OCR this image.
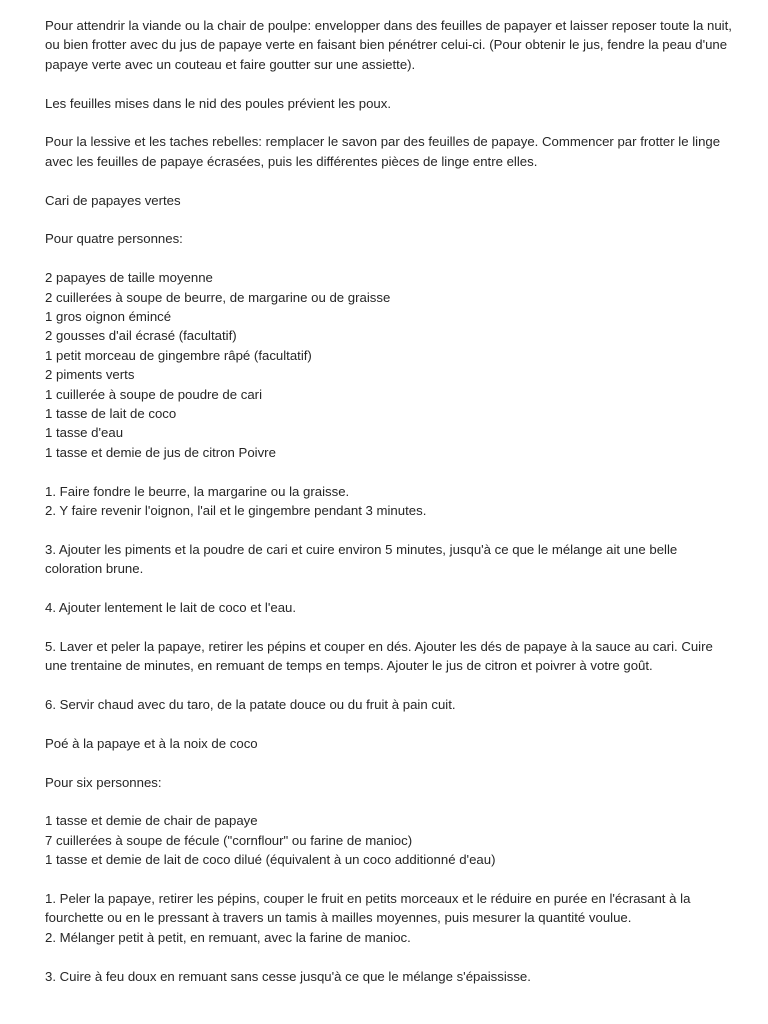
Pour attendrir la viande ou la chair de poulpe: envelopper dans des feuilles de papayer et laisser reposer toute la nuit, ou bien frotter avec du jus de papaye verte en faisant bien pénétrer celui-ci. (Pour obtenir le jus, fendre la peau d'une papaye verte avec un couteau et faire goutter sur une assiette).

Les feuilles mises dans le nid des poules prévient les poux.

Pour la lessive et les taches rebelles: remplacer le savon par des feuilles de papaye. Commencer par frotter le linge avec les feuilles de papaye écrasées, puis les différentes pièces de linge entre elles.

Cari de papayes vertes

Pour quatre personnes:

2 papayes de taille moyenne

2 cuillerées à soupe de beurre, de margarine ou de graisse

1 gros oignon émincé

2 gousses d'ail écrasé (facultatif)

1 petit morceau de gingembre râpé (facultatif)

2 piments verts

1 cuillerée à soupe de poudre de cari

1 tasse de lait de coco

1 tasse d'eau

1 tasse et demie de jus de citron Poivre

1. Faire fondre le beurre, la margarine ou la graisse.

2. Y faire revenir l'oignon, l'ail et le gingembre pendant 3 minutes.

3. Ajouter les piments et la poudre de cari et cuire environ 5 minutes, jusqu'à ce que le mélange ait une belle coloration brune.

4. Ajouter lentement le lait de coco et l'eau.

5. Laver et peler la papaye, retirer les pépins et couper en dés. Ajouter les dés de papaye à la sauce au cari. Cuire une trentaine de minutes, en remuant de temps en temps. Ajouter le jus de citron et poivrer à votre goût.

6. Servir chaud avec du taro, de la patate douce ou du fruit à pain cuit.

Poé à la papaye et à la noix de coco

Pour six personnes:

1 tasse et demie de chair de papaye

7 cuillerées à soupe de fécule ("cornflour" ou farine de manioc)

1 tasse et demie de lait de coco dilué (équivalent à un coco additionné d'eau)

1. Peler la papaye, retirer les pépins, couper le fruit en petits morceaux et le réduire en purée en l'écrasant à la fourchette ou en le pressant à travers un tamis à mailles moyennes, puis mesurer la quantité voulue.

2. Mélanger petit à petit, en remuant, avec la farine de manioc.

3. Cuire à feu doux en remuant sans cesse jusqu'à ce que le mélange s'épaississe.
